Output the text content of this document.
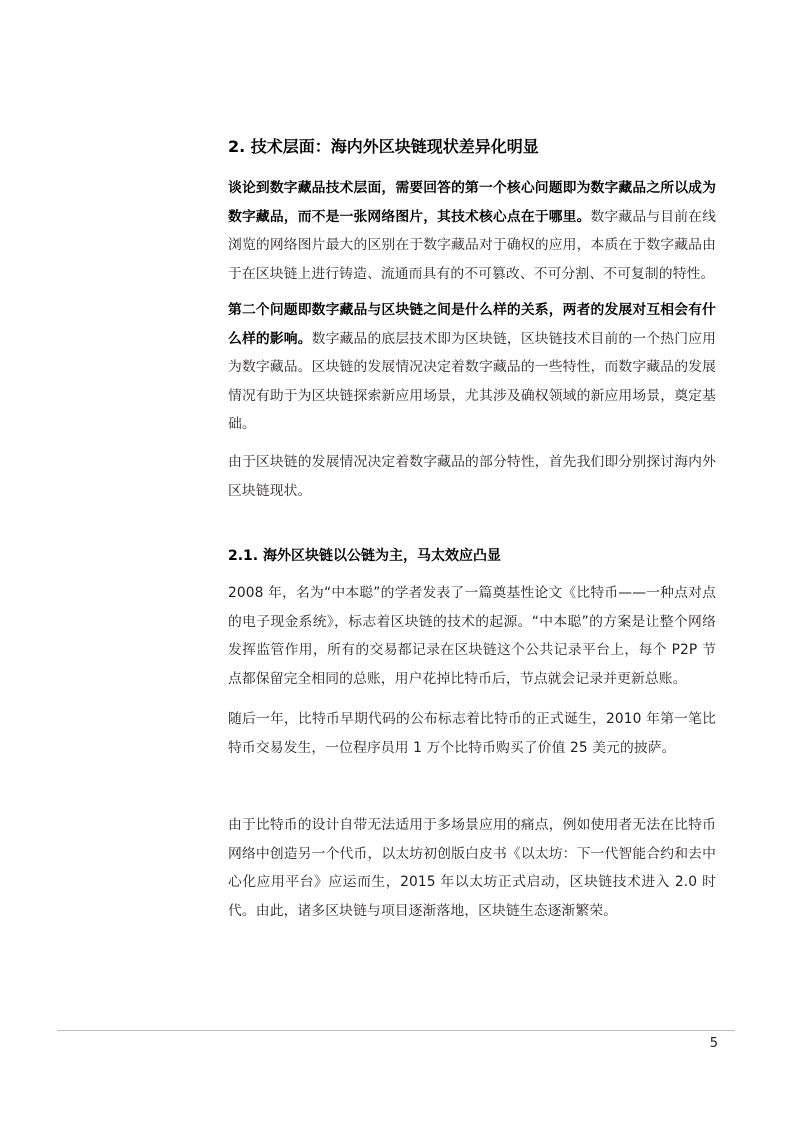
2. 技术层面：海内外区块链现状差异化明显
谈论到数字藏品技术层面，需要回答的第一个核心问题即为数字藏品之所以成为数字藏品，而不是一张网络图片，其技术核心点在于哪里。数字藏品与目前在线浏览的网络图片最大的区别在于数字藏品对于确权的应用，本质在于数字藏品由于在区块链上进行铸造、流通而具有的不可篡改、不可分割、不可复制的特性。
第二个问题即数字藏品与区块链之间是什么样的关系，两者的发展对互相会有什么样的影响。数字藏品的底层技术即为区块链，区块链技术目前的一个热门应用为数字藏品。区块链的发展情况决定着数字藏品的一些特性，而数字藏品的发展情况有助于为区块链探索新应用场景，尤其涉及确权领域的新应用场景，奠定基础。
由于区块链的发展情况决定着数字藏品的部分特性，首先我们即分别探讨海内外区块链现状。
2.1. 海外区块链以公链为主，马太效应凸显
2008 年，名为“中本聪”的学者发表了一篇奠基性论文《比特币——一种点对点的电子现金系统》，标志着区块链的技术的起源。“中本聪”的方案是让整个网络发挥监管作用，所有的交易都记录在区块链这个公共记录平台上，每个 P2P 节点都保留完全相同的总账，用户花掉比特币后，节点就会记录并更新总账。
随后一年，比特币早期代码的公布标志着比特币的正式诞生，2010 年第一笔比特币交易发生，一位程序员用 1 万个比特币购买了价值 25 美元的披萨。
由于比特币的设计自带无法适用于多场景应用的痛点，例如使用者无法在比特币网络中创造另一个代币，以太坊初创版白皮书《以太坊：下一代智能合约和去中心化应用平台》应运而生，2015 年以太坊正式启动，区块链技术进入 2.0 时代。由此，诸多区块链与项目逐渐落地，区块链生态逐渐繁荣。
5
